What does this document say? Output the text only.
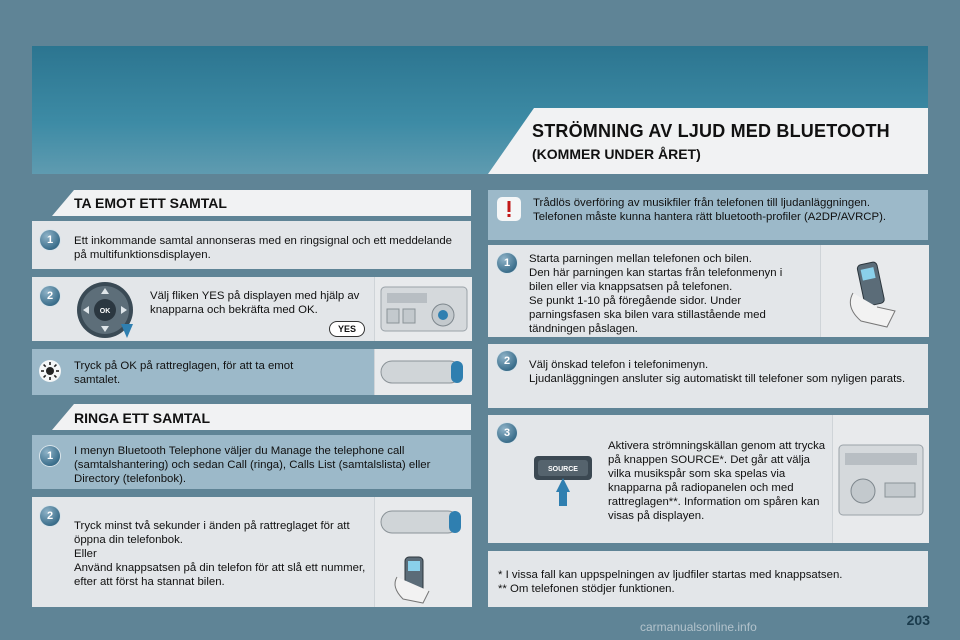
STRÖMNING AV LJUD MED BLUETOOTH
(KOMMER UNDER ÅRET)
TA EMOT ETT SAMTAL
1	Ett inkommande samtal annonseras med en ringsignal och ett meddelande på multifunktionsdisplayen.
2
OK
Välj fliken YES på displayen med hjälp av knapparna och bekräfta med OK.
YES
Tryck på OK på rattreglagen, för att ta emot samtalet.
RINGA ETT SAMTAL
1	I menyn Bluetooth Telephone väljer du Manage the telephone call (samtalshantering) och sedan Call (ringa), Calls List (samtalslista) eller Directory (telefonbok).
2
Tryck minst två sekunder i änden på rattreglaget för att öppna din telefonbok.
Eller
Använd knappsatsen på din telefon för att slå ett nummer, efter att först ha stannat bilen.
Trådlös överföring av musikfiler från telefonen till ljudanläggningen. Telefonen måste kunna hantera rätt bluetooth-profiler (A2DP/AVRCP).
1	Starta parningen mellan telefonen och bilen.
Den här parningen kan startas från telefonmenyn i bilen eller via knappsatsen på telefonen.
Se punkt 1-10 på föregående sidor. Under parningsfasen ska bilen vara stillastående med tändningen påslagen.
2	Välj önskad telefon i telefonimenyn.
Ljudanläggningen ansluter sig automatiskt till telefoner som nyligen parats.
3
SOURCE
Aktivera strömningskällan genom att trycka på knappen SOURCE*. Det går att välja vilka musikspår som ska spelas via knapparna på radiopanelen och med rattreglagen**. Information om spåren kan visas på displayen.
* I vissa fall kan uppspelningen av ljudfiler startas med knappsatsen.
** Om telefonen stödjer funktionen.
203
carmanualsonline.info
